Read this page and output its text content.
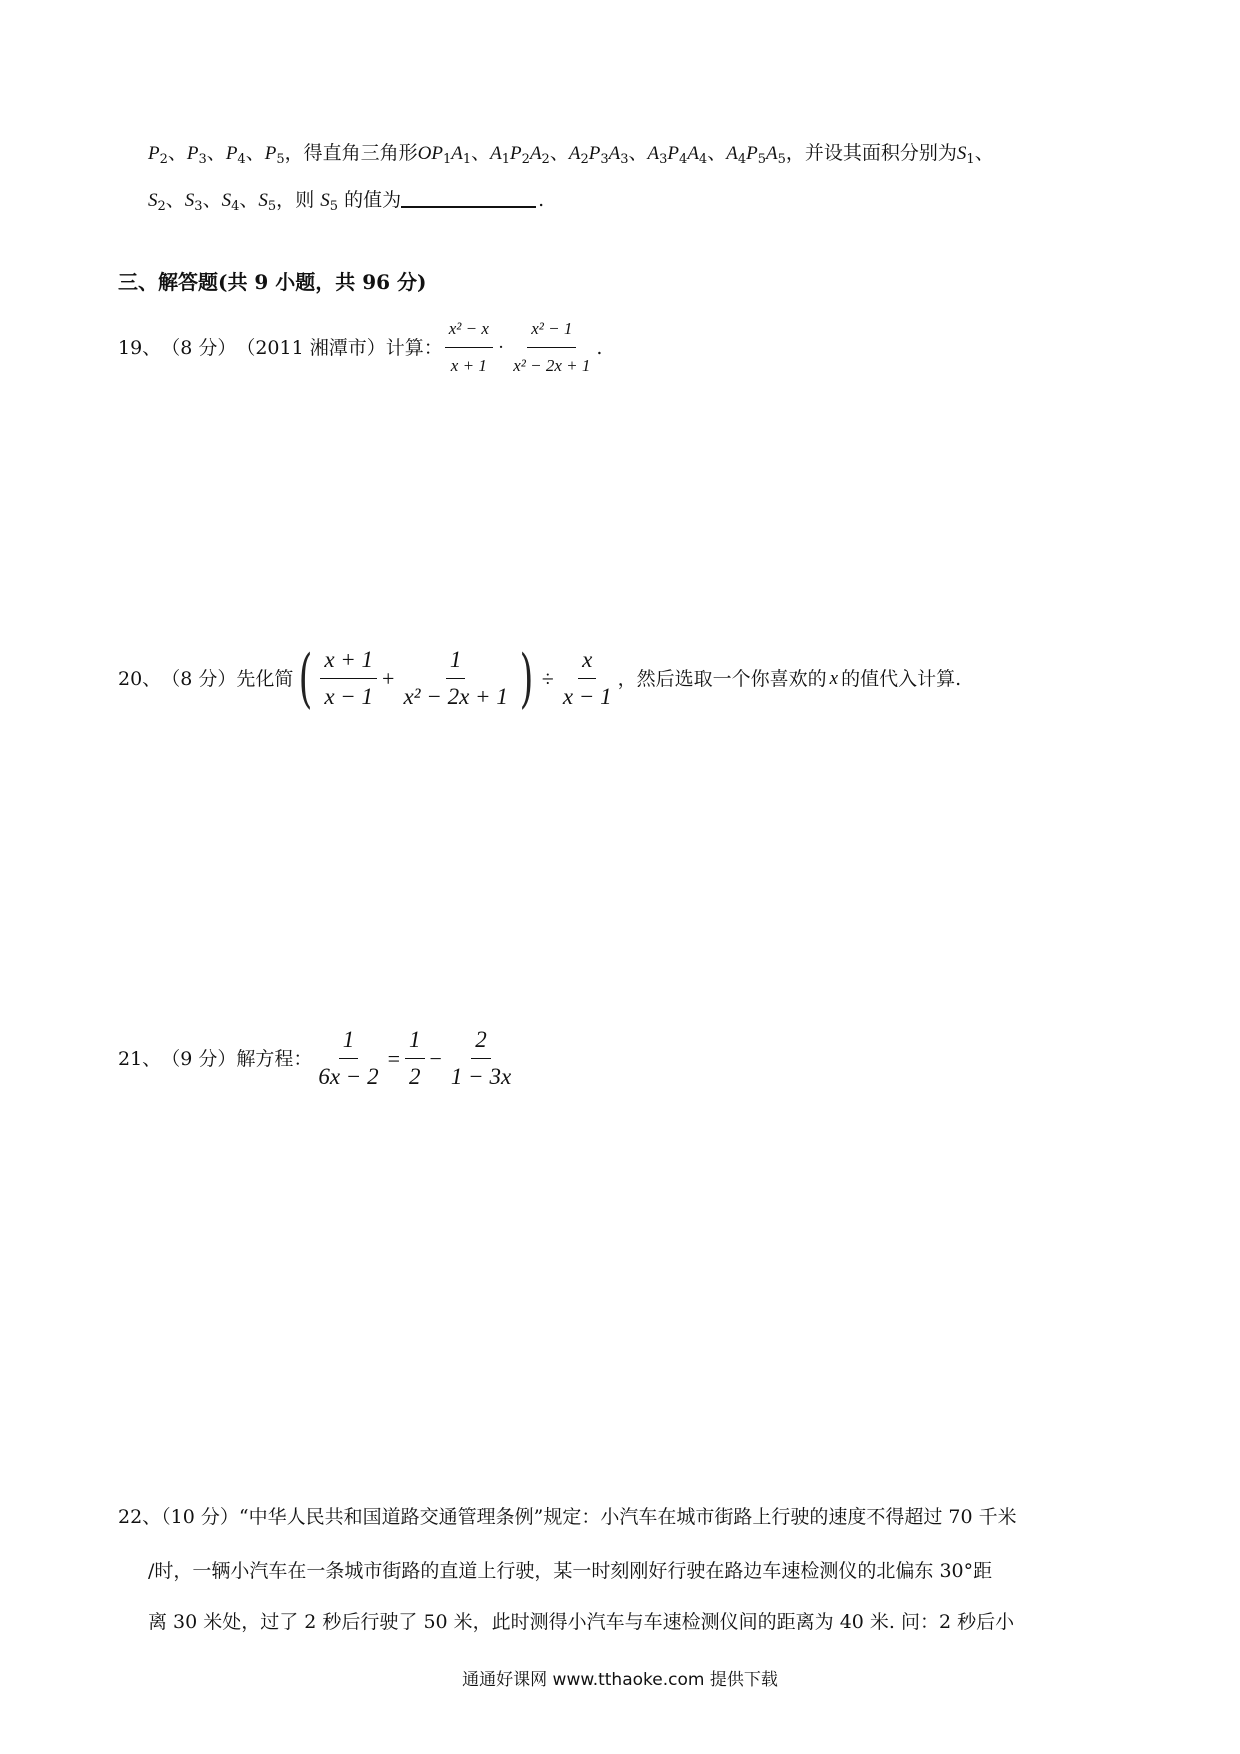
$P_2$、$P_3$、$P_4$、$P_5$，得直角三角形$OP_1A_1$、$A_1P_2A_2$、$A_2P_3A_3$、$A_3P_4A_4$、$A_4P_5A_5$，并设其面积分别为$S_1$、
$S_2$、$S_3$、$S_4$、$S_5$，则 $S_5$ 的值为	.
三、解答题(共 9 小题，共 96 分)
19、 （8 分） （2011 湘潭市）计算： $\frac{\text{x² − x}}{x + 1} \cdot \frac{\text{x² − 1}}{\text{x² − 2x + 1}}$ .
20、 （8 分） 先化简 ( $\frac{x + 1}{x - 1} + \frac{1}{\text{x² − 2x + 1}}$ ) ÷ $\frac{x}{x - 1}$ ，然后选取一个你喜欢的 x 的值代入计算.
21、 （9 分） 解方程： $\frac{1}{6x - 2} = \frac{1}{2} - \frac{2}{1 - 3x}$
22、（10 分）“中华人民共和国道路交通管理条例”规定：小汽车在城市街路上行驶的速度不得超过 70 千米
/时，一辆小汽车在一条城市街路的直道上行驶，某一时刻刚好行驶在路边车速检测仪的北偏东 30°距
离 30 米处，过了 2 秒后行驶了 50 米，此时测得小汽车与车速检测仪间的距离为 40 米. 问：2 秒后小
通通好课网 www.tthaoke.com 提供下载
